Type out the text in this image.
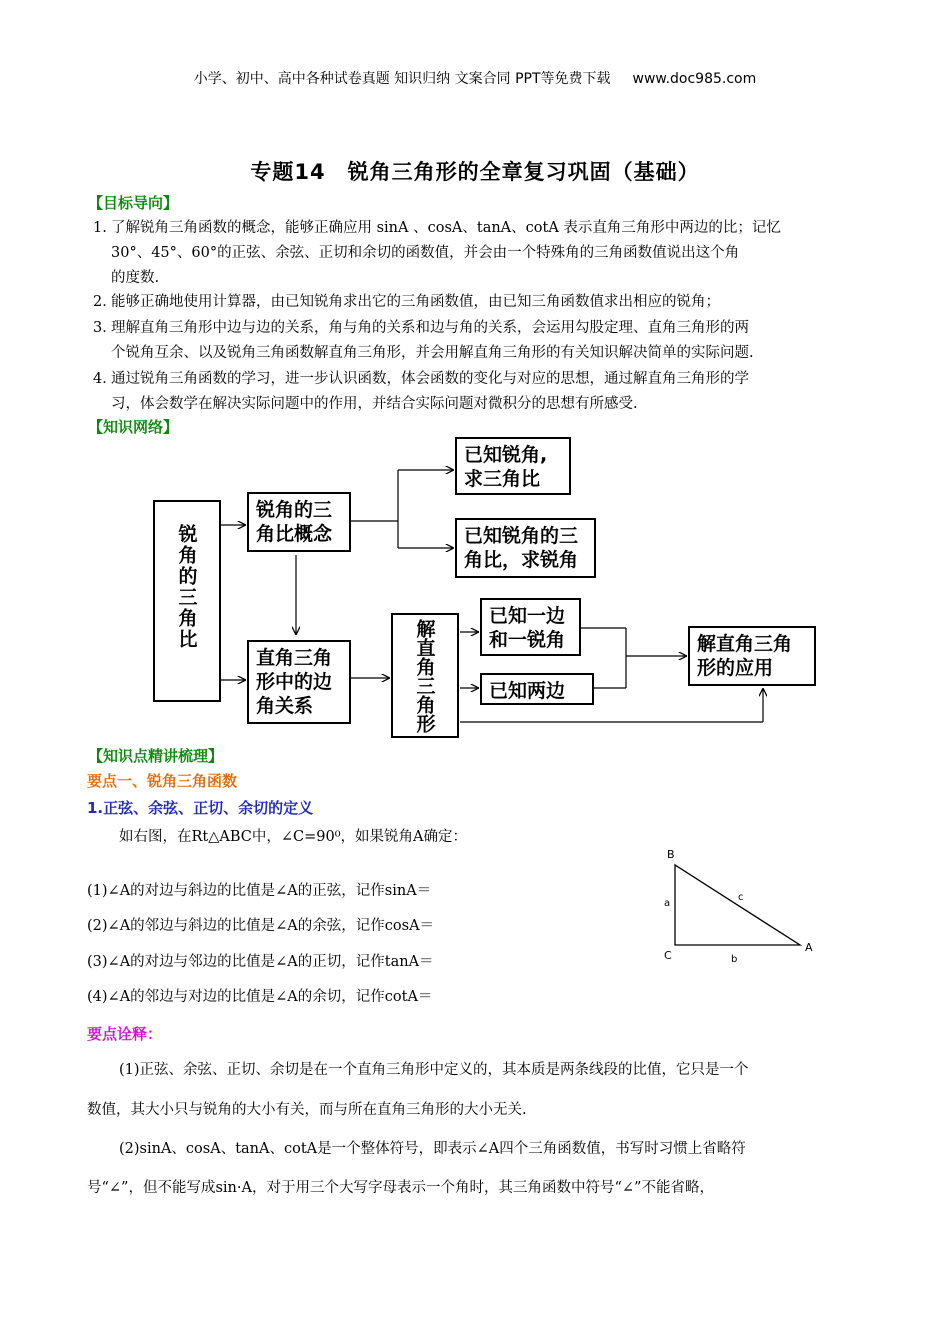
小学、初中、高中各种试卷真题 知识归纳 文案合同 PPT等免费下载 www.doc985.com
专题14　锐角三角形的全章复习巩固（基础）
【目标导向】
1. 了解锐角三角函数的概念，能够正确应用 sinA 、cosA、tanA、cotA 表示直角三角形中两边的比；记忆
30°、45°、60°的正弦、余弦、正切和余切的函数值，并会由一个特殊角的三角函数值说出这个角
的度数.
2．
能够正确地使用计算器，由已知锐角求出它的三角函数值，由已知三角函数值求出相应的锐角；
3．
理解直角三角形中边与边的关系，角与角的关系和边与角的关系，会运用勾股定理、直角三角形的两
个锐角互余、以及锐角三角函数解直角三角形，并会用解直角三角形的有关知识解决简单的实际问题.
4．
通过锐角三角函数的学习，进一步认识函数，体会函数的变化与对应的思想，通过解直角三角形的学
习，体会数学在解决实际问题中的作用，并结合实际问题对微积分的思想有所感受.
【知识网络】
锐角的三角比
锐角的三
角比概念
已知锐角,
求三角比
已知锐角的三
角比，求锐角
直角三角
形中的边
角关系	解直角三角形
已知一边
和一锐角
已知两边
解直角三角
形的应用
【知识点精讲梳理】
要点一、锐角三角函数
1.正弦、余弦、正切、余切的定义
如右图，在Rt△ABC中，∠C=90⁰，如果锐角A确定：
(1)∠A的对边与斜边的比值是∠A的正弦，记作sinA＝
(2)∠A的邻边与斜边的比值是∠A的余弦，记作cosA＝
(3)∠A的对边与邻边的比值是∠A的正切，记作tanA＝
(4)∠A的邻边与对边的比值是∠A的余切，记作cotA＝
B
A
C
a
b
c
要点诠释：
(1)正弦、余弦、正切、余切是在一个直角三角形中定义的，其本质是两条线段的比值，它只是一个
数值，其大小只与锐角的大小有关，而与所在直角三角形的大小无关.
(2)sinA、cosA、tanA、cotA是一个整体符号，即表示∠A四个三角函数值，书写时习惯上省略符
号“∠”，但不能写成sin·A，对于用三个大写字母表示一个角时，其三角函数中符号“∠”不能省略，
